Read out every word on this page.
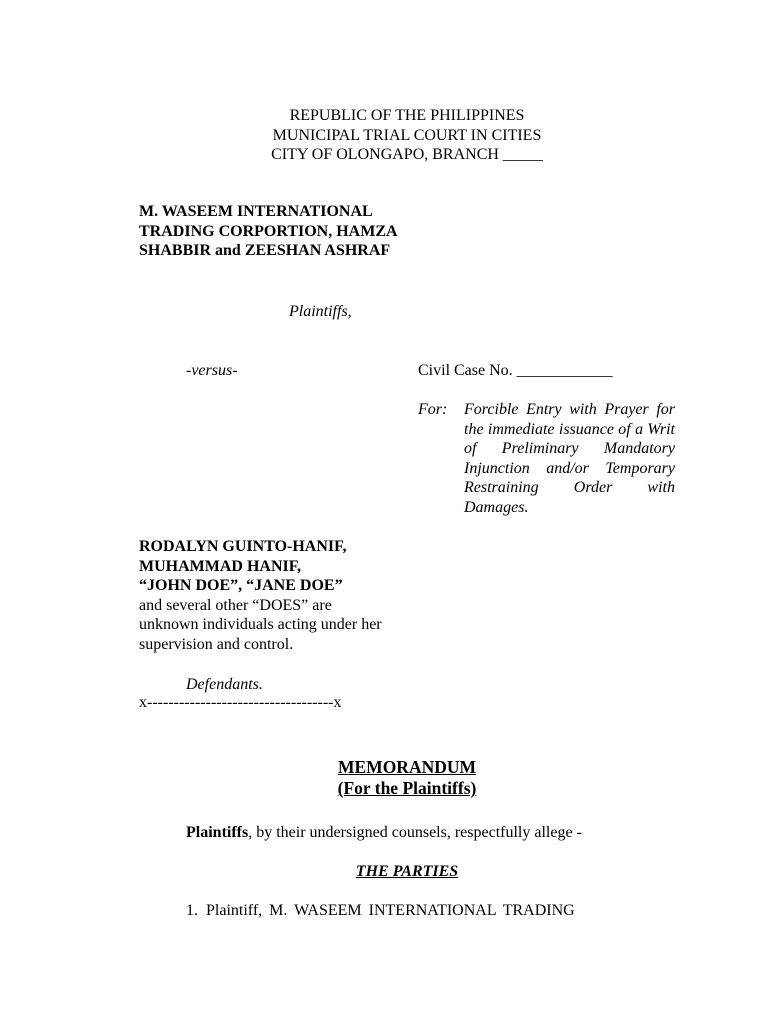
REPUBLIC OF THE PHILIPPINES
MUNICIPAL TRIAL COURT IN CITIES
CITY OF OLONGAPO, BRANCH _____
M. WASEEM INTERNATIONAL TRADING CORPORTION, HAMZA SHABBIR and ZEESHAN ASHRAF
Plaintiffs,
-versus-	Civil Case No. ____________
For: Forcible Entry with Prayer for the immediate issuance of a Writ of Preliminary Mandatory Injunction and/or Temporary Restraining Order with Damages.
RODALYN GUINTO-HANIF,
MUHAMMAD HANIF,
“JOHN DOE”, “JANE DOE”
and several other “DOES” are unknown individuals acting under her supervision and control.
Defendants.
x-----------------------------------x
MEMORANDUM
(For the Plaintiffs)
Plaintiffs, by their undersigned counsels, respectfully allege -
THE PARTIES
1. Plaintiff, M. WASEEM INTERNATIONAL TRADING
